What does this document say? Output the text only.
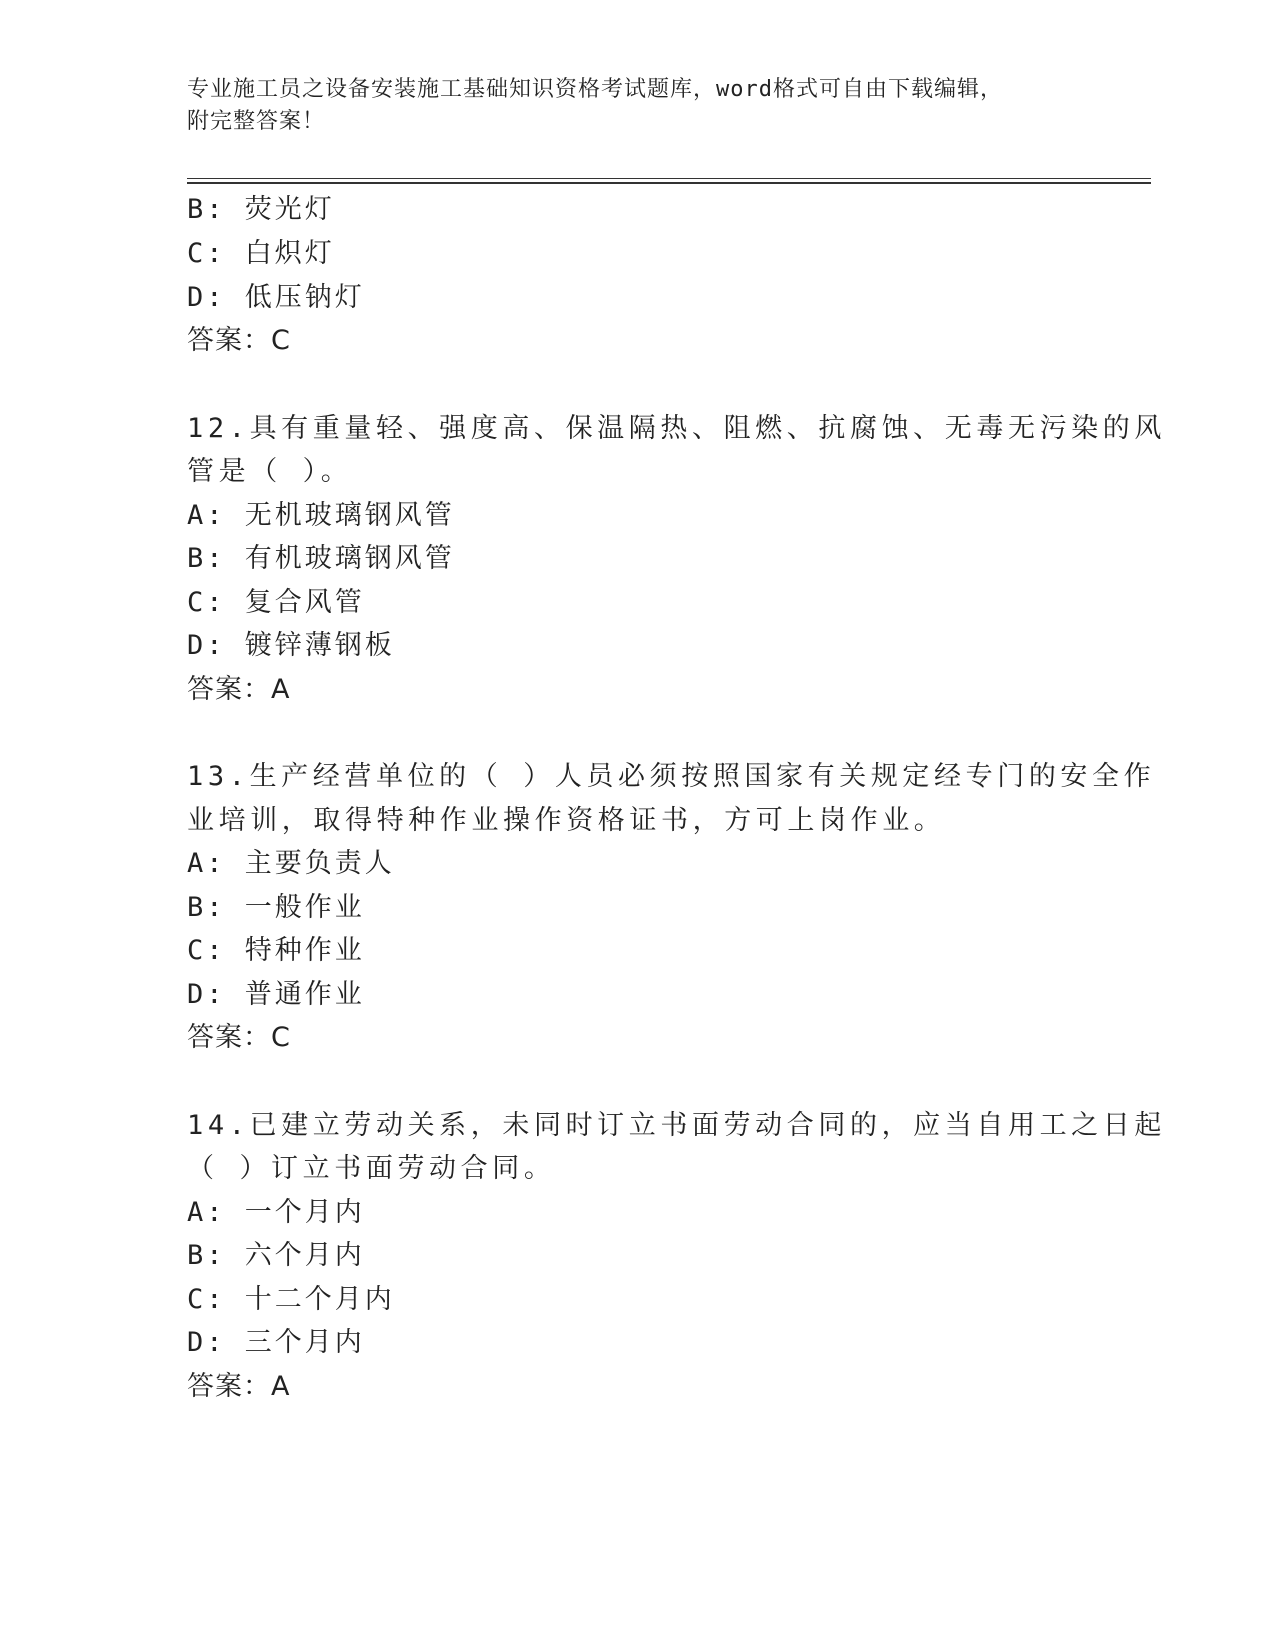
专业施工员之设备安装施工基础知识资格考试题库，word格式可自由下载编辑，
附完整答案！
B: 荧光灯
C: 白炽灯
D: 低压钠灯
答案：C
12.具有重量轻、强度高、保温隔热、阻燃、抗腐蚀、无毒无污染的风
管是（ ）。
A: 无机玻璃钢风管
B: 有机玻璃钢风管
C: 复合风管
D: 镀锌薄钢板
答案：A
13.生产经营单位的（ ）人员必须按照国家有关规定经专门的安全作
业培训，取得特种作业操作资格证书，方可上岗作业。
A: 主要负责人
B: 一般作业
C: 特种作业
D: 普通作业
答案：C
14.已建立劳动关系，未同时订立书面劳动合同的，应当自用工之日起
（ ）订立书面劳动合同。
A: 一个月内
B: 六个月内
C: 十二个月内
D: 三个月内
答案：A
